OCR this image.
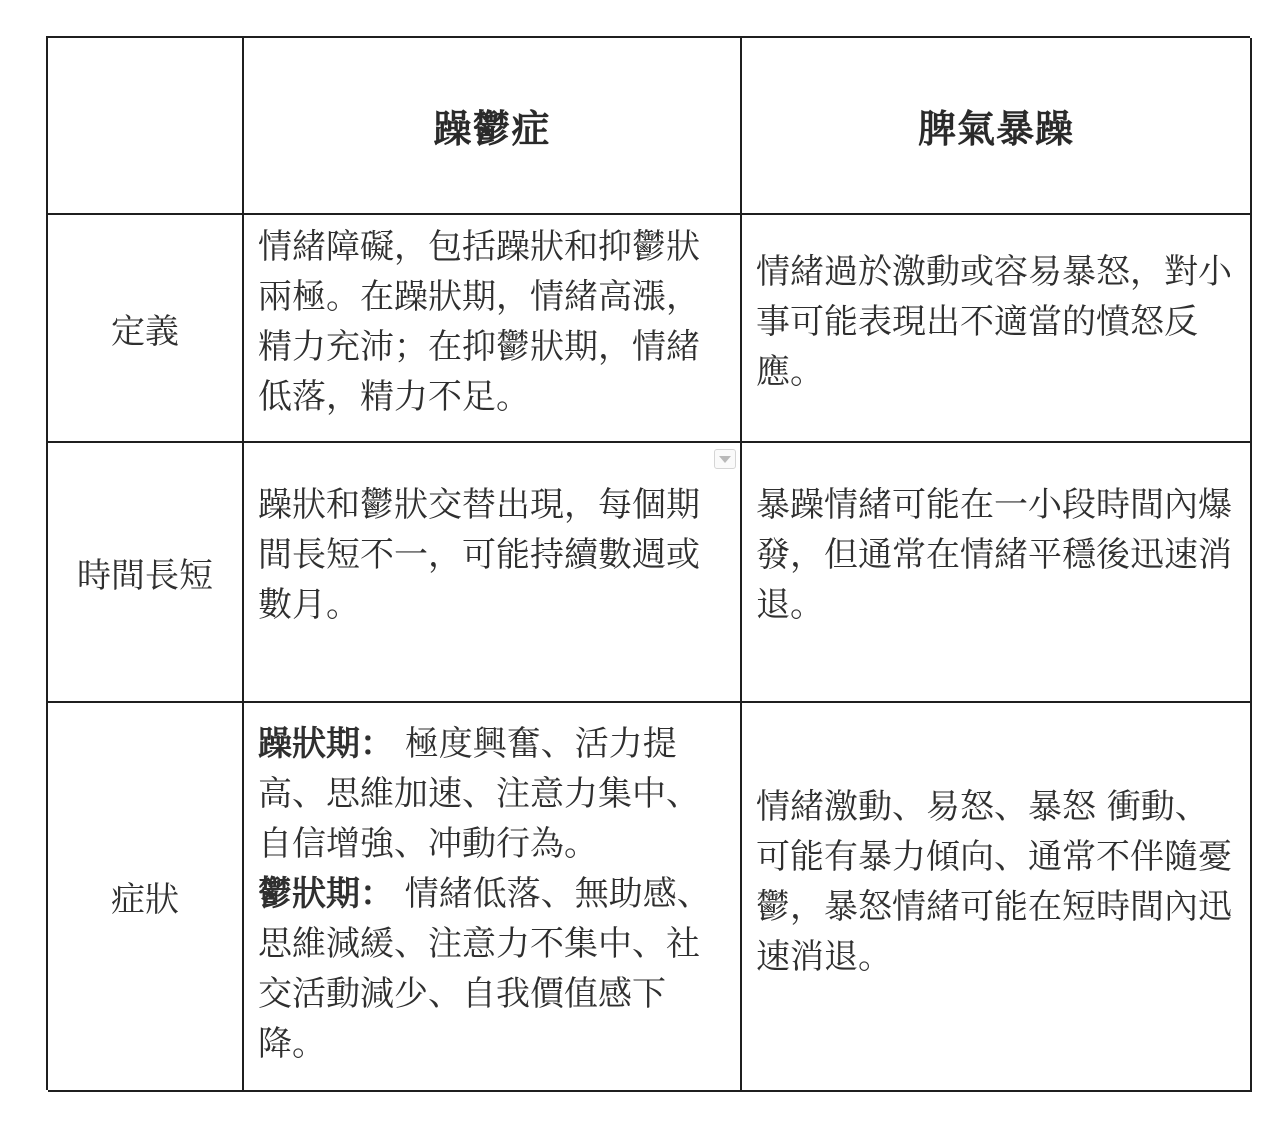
躁鬱症	脾氣暴躁
定義
情緒障礙，包括躁狀和抑鬱狀兩極。在躁狀期，情緒高漲，精力充沛；在抑鬱狀期，情緒低落，精力不足。
情緒過於激動或容易暴怒，對小事可能表現出不適當的憤怒反應。
時間長短
躁狀和鬱狀交替出現，每個期間長短不一，可能持續數週或數月。
暴躁情緒可能在一小段時間內爆發，但通常在情緒平穩後迅速消退。
症狀
躁狀期： 極度興奮、活力提高、思維加速、注意力集中、自信增強、冲動行為。
鬱狀期： 情緒低落、無助感、思維減緩、注意力不集中、社交活動減少、自我價值感下降。
情緒激動、易怒、暴怒 衝動、可能有暴力傾向、通常不伴隨憂鬱，暴怒情緒可能在短時間內迅速消退。
